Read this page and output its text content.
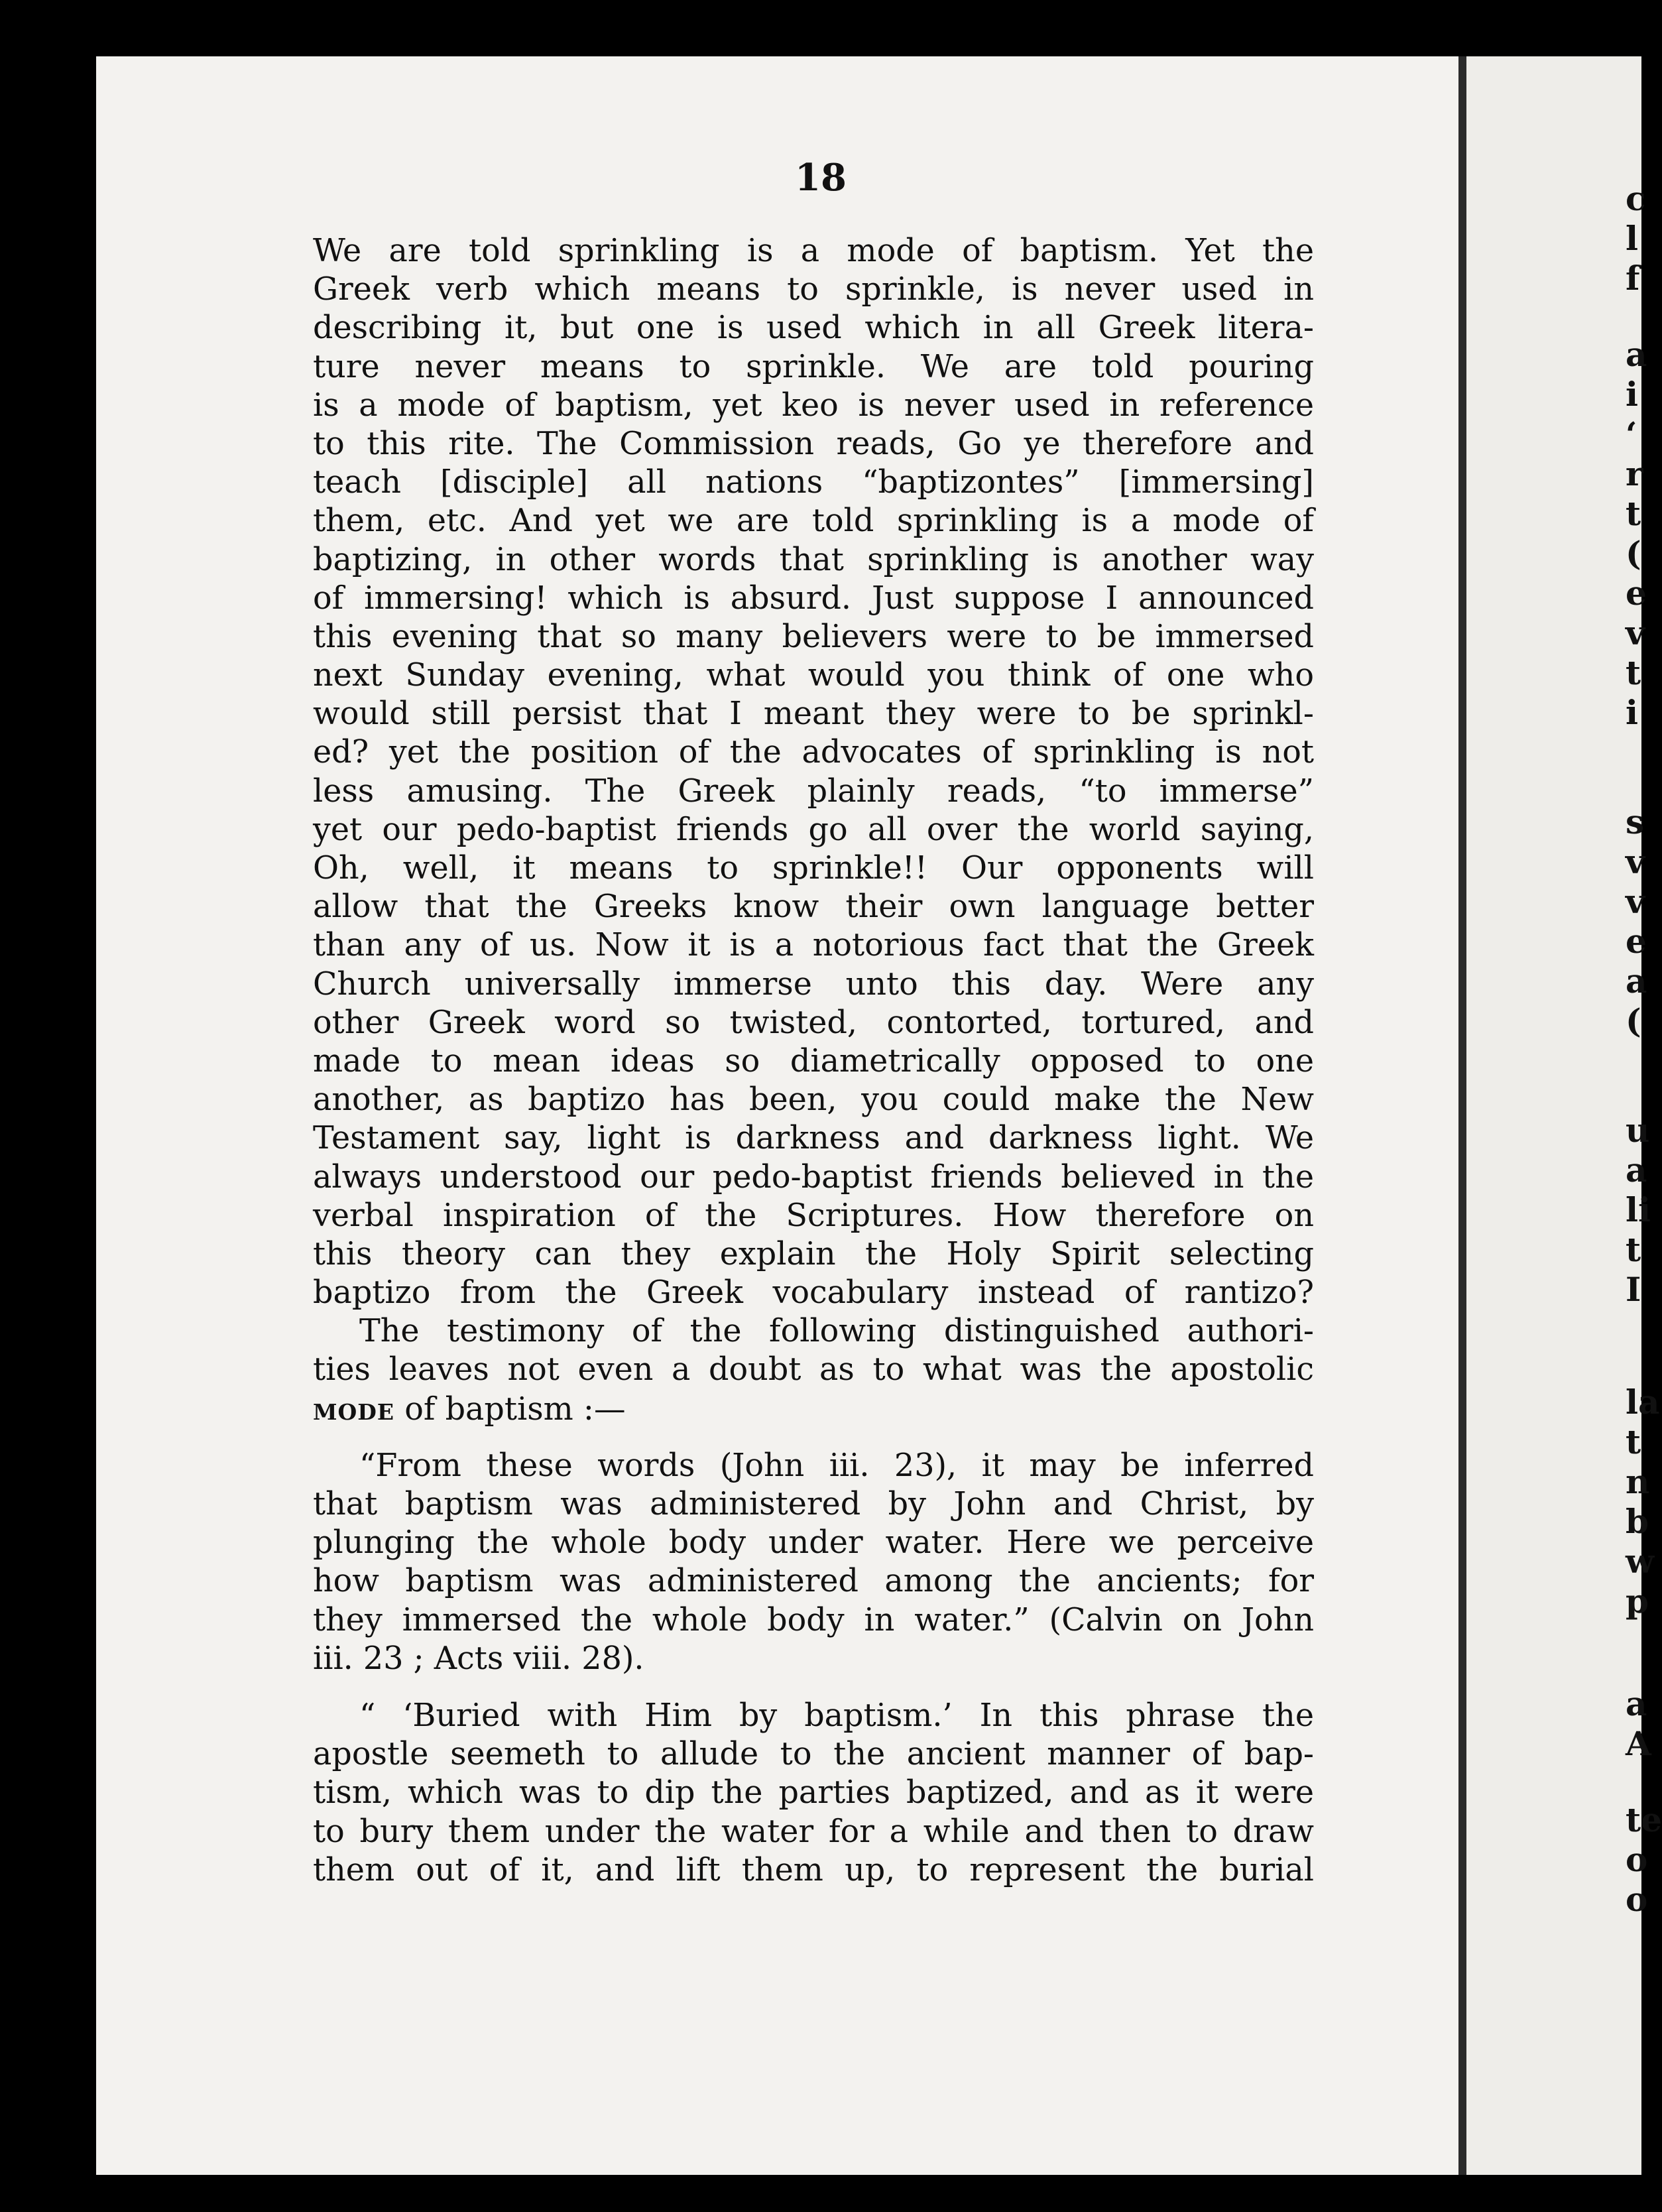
c
l
f
a
i
‘
r
t
(
e
v
t
i
s
v
v
e
a
(
u
a
li
t
I
la
t
n
b
w
p
a
A
te
o
o
18
We are told sprinkling is a mode of baptism. Yet the
Greek verb which means to sprinkle, is never used in
describing it, but one is used which in all Greek litera-
ture never means to sprinkle. We are told pouring
is a mode of baptism, yet keo is never used in reference
to this rite. The Commission reads, Go ye therefore and
teach [disciple] all nations “baptizontes” [immersing]
them, etc. And yet we are told sprinkling is a mode of
baptizing, in other words that sprinkling is another way
of immersing! which is absurd. Just suppose I announced
this evening that so many believers were to be immersed
next Sunday evening, what would you think of one who
would still persist that I meant they were to be sprinkl-
ed? yet the position of the advocates of sprinkling is not
less amusing. The Greek plainly reads, “to immerse”
yet our pedo-baptist friends go all over the world saying,
Oh, well, it means to sprinkle!! Our opponents will
allow that the Greeks know their own language better
than any of us. Now it is a notorious fact that the Greek
Church universally immerse unto this day. Were any
other Greek word so twisted, contorted, tortured, and
made to mean ideas so diametrically opposed to one
another, as baptizo has been, you could make the New
Testament say, light is darkness and darkness light. We
always understood our pedo-baptist friends believed in the
verbal inspiration of the Scriptures. How therefore on
this theory can they explain the Holy Spirit selecting
baptizo from the Greek vocabulary instead of rantizo?
The testimony of the following distinguished authori-
ties leaves not even a doubt as to what was the apostolic
mode of baptism :—
“From these words (John iii. 23), it may be inferred
that baptism was administered by John and Christ, by
plunging the whole body under water. Here we perceive
how baptism was administered among the ancients; for
they immersed the whole body in water.” (Calvin on John
iii. 23 ; Acts viii. 28).
“ ‘Buried with Him by baptism.’ In this phrase the
apostle seemeth to allude to the ancient manner of bap-
tism, which was to dip the parties baptized, and as it were
to bury them under the water for a while and then to draw
them out of it, and lift them up, to represent the burial
